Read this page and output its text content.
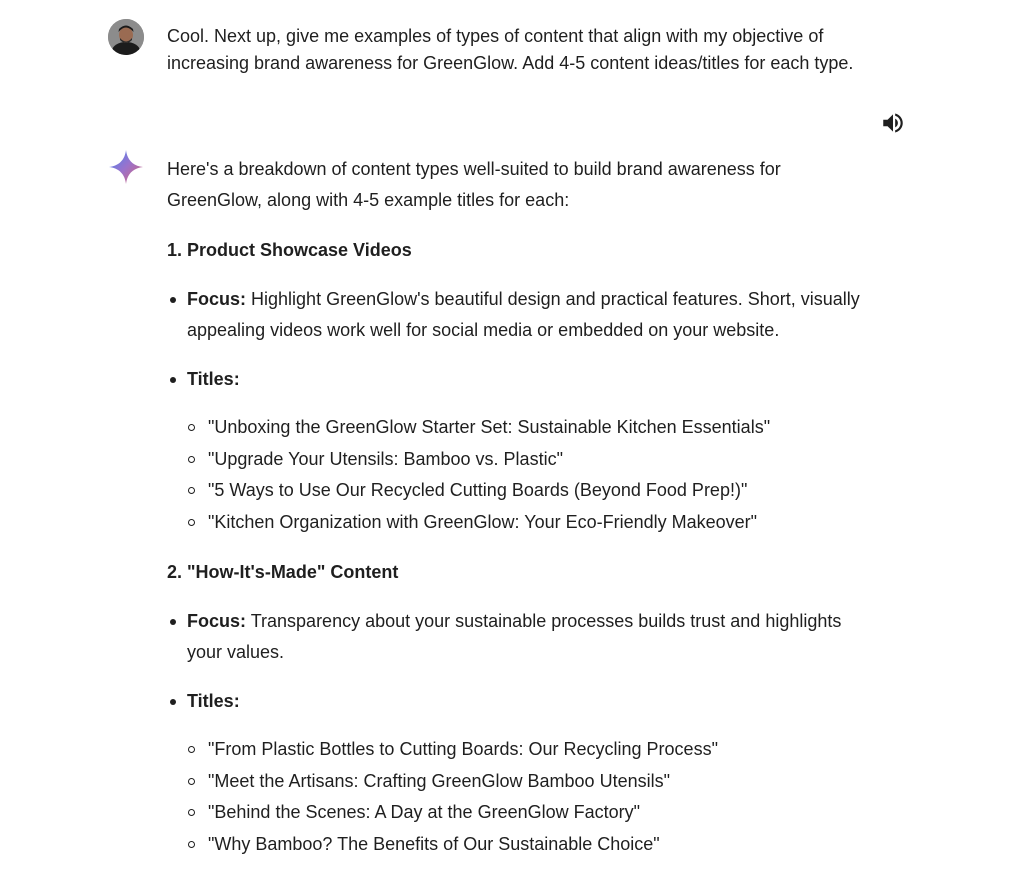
Cool. Next up, give me examples of types of content that align with my objective of increasing brand awareness for GreenGlow. Add 4-5 content ideas/titles for each type.

Here's a breakdown of content types well-suited to build brand awareness for GreenGlow, along with 4-5 example titles for each:

1. Product Showcase Videos

Focus: Highlight GreenGlow's beautiful design and practical features. Short, visually appealing videos work well for social media or embedded on your website.
Titles:
"Unboxing the GreenGlow Starter Set: Sustainable Kitchen Essentials"
"Upgrade Your Utensils: Bamboo vs. Plastic"
"5 Ways to Use Our Recycled Cutting Boards (Beyond Food Prep!)"
"Kitchen Organization with GreenGlow: Your Eco-Friendly Makeover"

2. "How-It's-Made" Content

Focus: Transparency about your sustainable processes builds trust and highlights your values.
Titles:
"From Plastic Bottles to Cutting Boards: Our Recycling Process"
"Meet the Artisans: Crafting GreenGlow Bamboo Utensils"
"Behind the Scenes: A Day at the GreenGlow Factory"
"Why Bamboo? The Benefits of Our Sustainable Choice"
